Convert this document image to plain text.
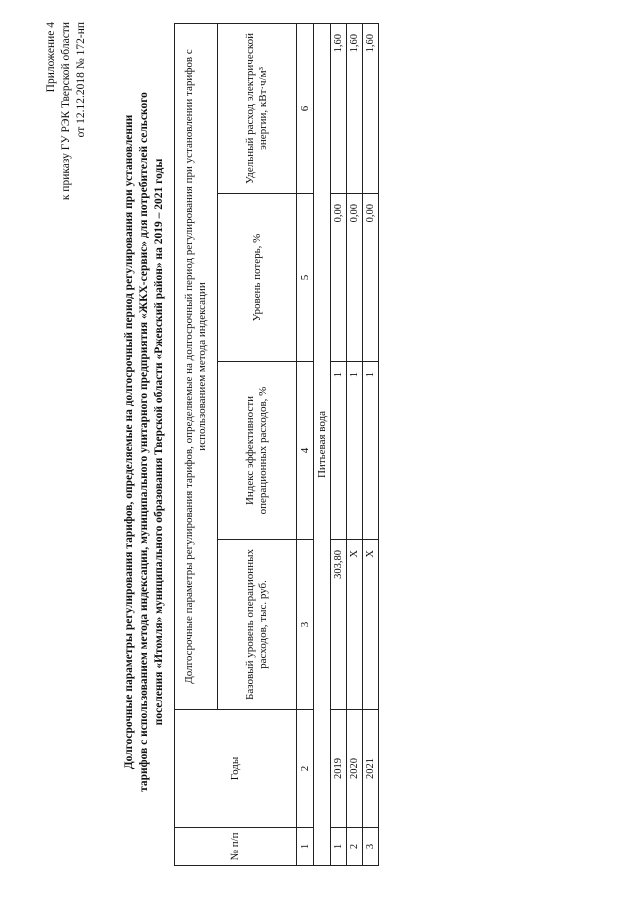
Приложение 4 к приказу ГУ РЭК Тверской области от 12.12.2018 № 172-нп
Долгосрочные параметры регулирования тарифов, определяемые на долгосрочный период регулирования при установлении тарифов с использованием метода индексации, муниципального унитарного предприятия «ЖКХ-сервис» для потребителей сельского поселения «Итомля» муниципального образования Тверской области «Ржевский район» на 2019 – 2021 годы
№ п/п	Годы	Долгосрочные параметры регулирования тарифов, определяемые на долгосрочный период регулирования при установлении тарифов с использованием метода индексации			
		Базовый уровень операционных расходов, тыс. руб.	Индекс эффективности операционных расходов, %	Уровень потерь, %	Удельный расход электрической энергии, кВт·ч/м³
1	2	3	4	5	6
Питьевая вода					
1	2019	303,80	1	0,00	1,60
2	2020	Х	1	0,00	1,60
3	2021	Х	1	0,00	1,60
